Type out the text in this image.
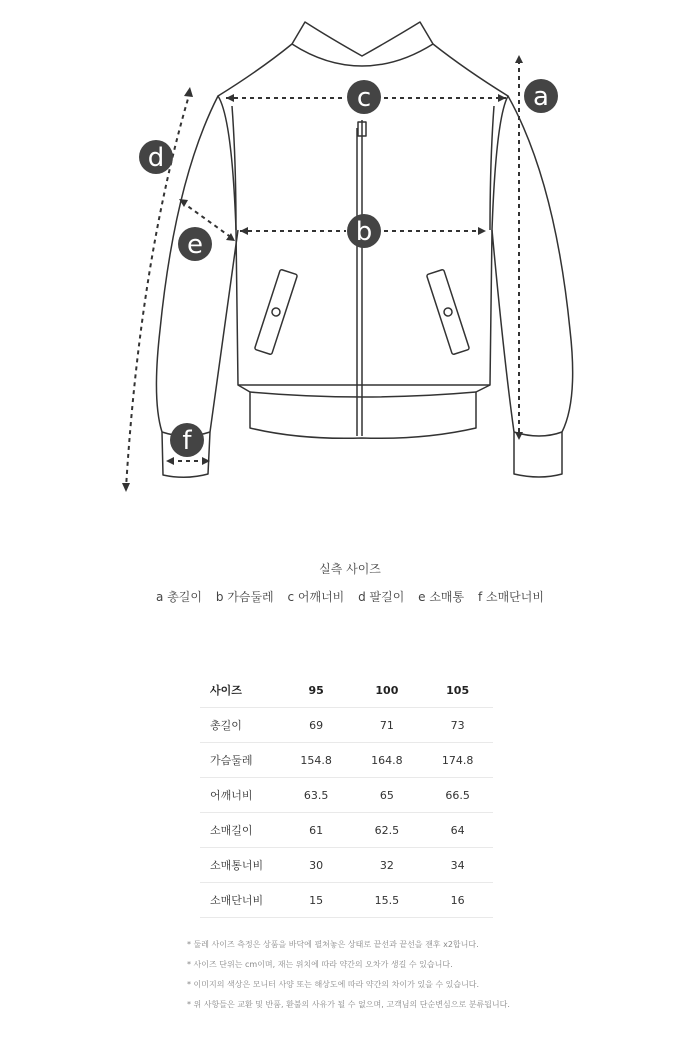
c	a
b
d
e
f
실측 사이즈
a 총길이 b 가슴둘레 c 어깨너비 d 팔길이 e 소매통 f 소매단너비
사이즈	95	100	105
총길이	69	71	73
가슴둘레	154.8	164.8	174.8
어깨너비	63.5	65	66.5
소매길이	61	62.5	64
소매통너비	30	32	34
소매단너비	15	15.5	16
* 둘레 사이즈 측정은 상품을 바닥에 펼쳐놓은 상태로 끝선과 끝선을 잰후 x2합니다.
* 사이즈 단위는 cm이며, 재는 위치에 따라 약간의 오차가 생길 수 있습니다.
* 이미지의 색상은 모니터 사양 또는 해상도에 따라 약간의 차이가 있을 수 있습니다.
* 위 사항들은 교환 및 반품, 환불의 사유가 될 수 없으며, 고객님의 단순변심으로 분류됩니다.
